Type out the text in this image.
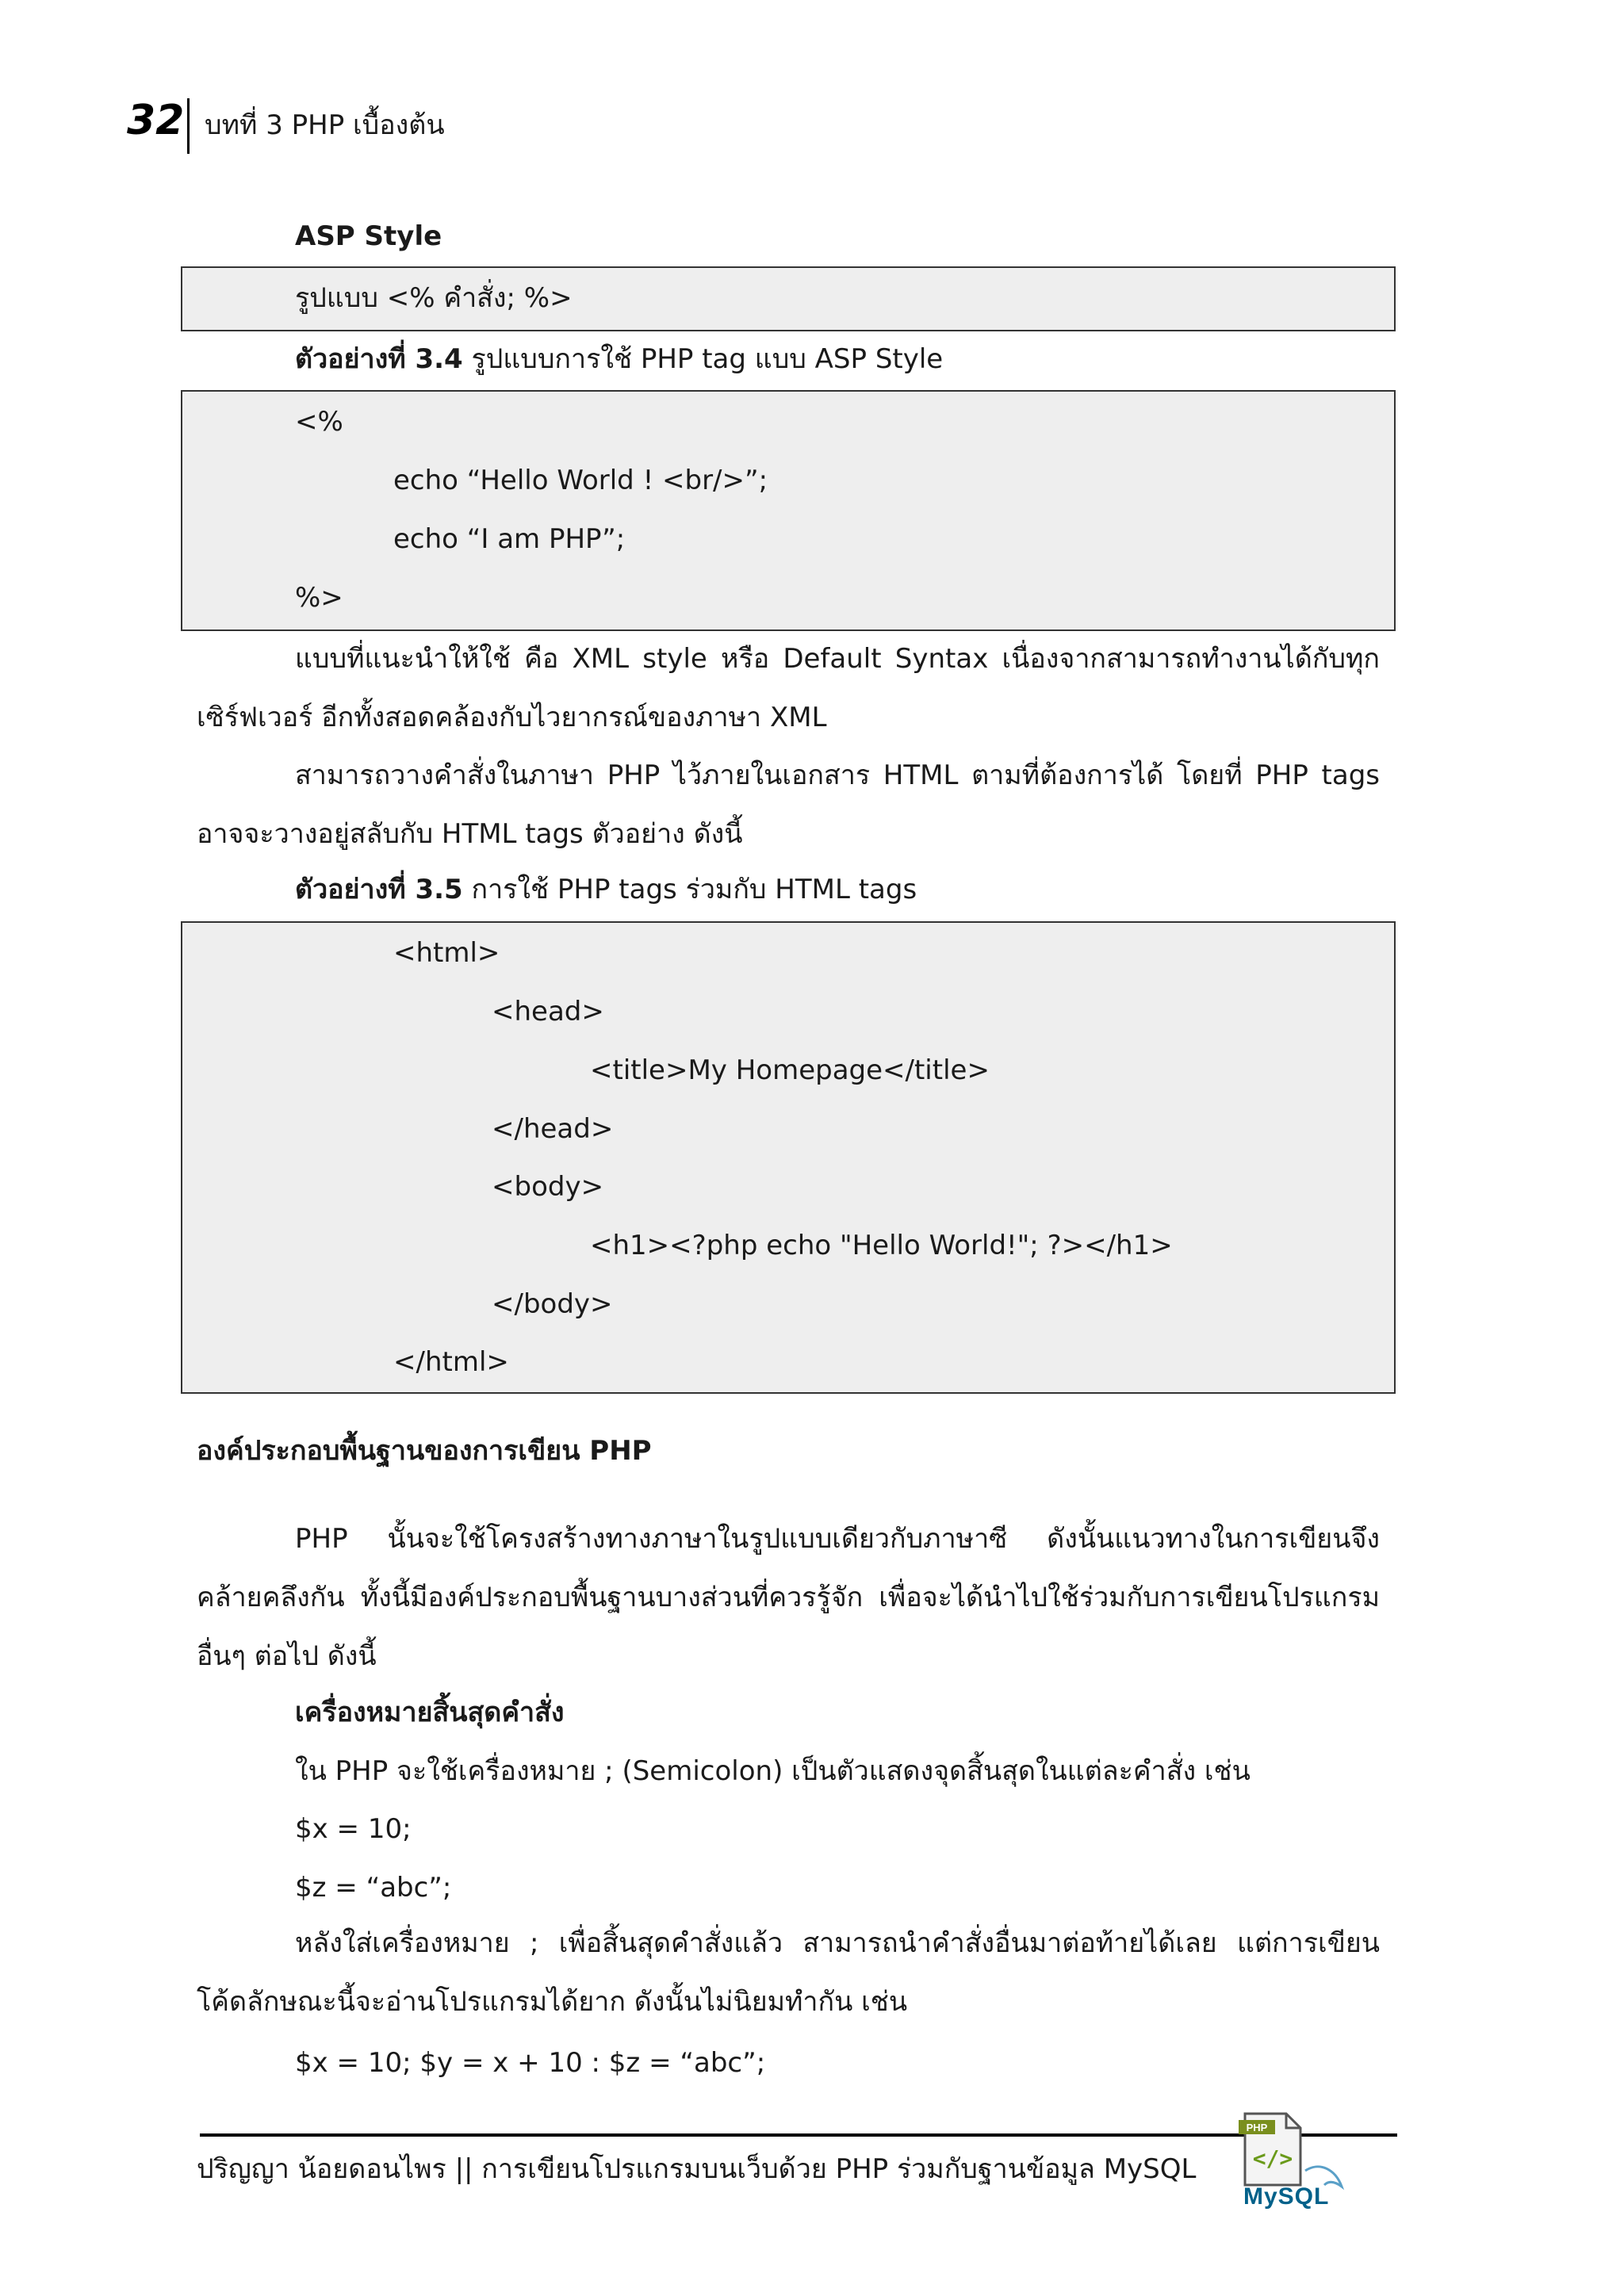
32 บทที่ 3 PHP เบื้องต้น
ASP Style
รูปแบบ <% คำสั่ง; %>
ตัวอย่างที่ 3.4 รูปแบบการใช้ PHP tag แบบ ASP Style
<%
echo “Hello World ! <br/>”;
echo “I am PHP”;
%>
แบบที่แนะนำให้ใช้ คือ XML style หรือ Default Syntax เนื่องจากสามารถทำงานได้กับทุกเซิร์ฟเวอร์ อีกทั้งสอดคล้องกับไวยากรณ์ของภาษา XML
สามารถวางคำสั่งในภาษา PHP ไว้ภายในเอกสาร HTML ตามที่ต้องการได้ โดยที่ PHP tags อาจจะวางอยู่สลับกับ HTML tags ตัวอย่าง ดังนี้
ตัวอย่างที่ 3.5 การใช้ PHP tags ร่วมกับ HTML tags
<html>
<head>
<title>My Homepage</title>
</head>
<body>
<h1><?php echo "Hello World!"; ?></h1>
</body>
</html>
องค์ประกอบพื้นฐานของการเขียน PHP
PHP นั้นจะใช้โครงสร้างทางภาษาในรูปแบบเดียวกับภาษาซี ดังนั้นแนวทางในการเขียนจึงคล้ายคลึงกัน ทั้งนี้มีองค์ประกอบพื้นฐานบางส่วนที่ควรรู้จัก เพื่อจะได้นำไปใช้ร่วมกับการเขียนโปรแกรมอื่นๆ ต่อไป ดังนี้
เครื่องหมายสิ้นสุดคำสั่ง
ใน PHP จะใช้เครื่องหมาย ; (Semicolon) เป็นตัวแสดงจุดสิ้นสุดในแต่ละคำสั่ง เช่น
$x = 10;
$z = “abc”;
หลังใส่เครื่องหมาย ; เพื่อสิ้นสุดคำสั่งแล้ว สามารถนำคำสั่งอื่นมาต่อท้ายได้เลย แต่การเขียนโค้ดลักษณะนี้จะอ่านโปรแกรมได้ยาก ดังนั้นไม่นิยมทำกัน เช่น
$x = 10; $y = x + 10 : $z = “abc”;
ปริญญา น้อยดอนไพร || การเขียนโปรแกรมบนเว็บด้วย PHP ร่วมกับฐานข้อมูล MySQL
PHP
</>
MySQL
